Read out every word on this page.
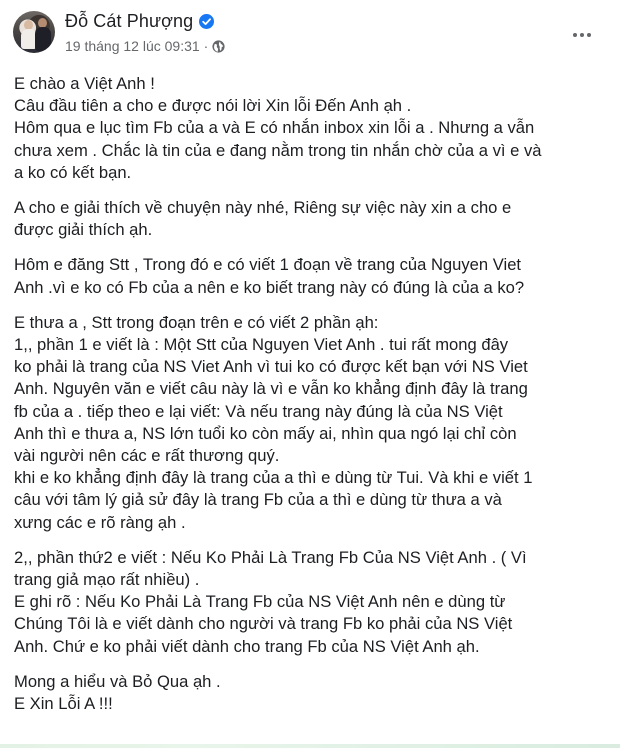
Đỗ Cát Phượng
19 tháng 12 lúc 09:31 ·
E chào a Việt Anh !
Câu đầu tiên a cho e được nói lời Xin lỗi Đến Anh ạh .
Hôm qua e lục tìm Fb của a và E có nhắn inbox xin lỗi a . Nhưng a vẫn
chưa xem . Chắc là tin của e đang nằm trong tin nhắn chờ của a vì e và
a ko có kết bạn.
A cho e giải thích về chuyện này nhé, Riêng sự việc này xin a cho e
được giải thích ạh.
Hôm e đăng Stt , Trong đó e có viết 1 đoạn về trang của Nguyen Viet
Anh .vì e ko có Fb của a nên e ko biết trang này có đúng là của a ko?
E thưa a , Stt trong đoạn trên e có viết 2 phần ạh:
1,, phần 1 e viết là : Một Stt của Nguyen Viet Anh . tui rất mong đây
ko phải là trang của NS Viet Anh vì tui ko có được kết bạn với NS Viet
Anh. Nguyên văn e viết câu này là vì e vẫn ko khẳng định đây là trang
fb của a . tiếp theo e lại viết: Và nếu trang này đúng là của NS Việt
Anh thì e thưa a, NS lớn tuổi ko còn mấy ai, nhìn qua ngó lại chỉ còn
vài người nên các e rất thương quý.
khi e ko khẳng định đây là trang của a thì e dùng từ Tui. Và khi e viết 1
câu với tâm lý giả sử đây là trang Fb của a thì e dùng từ thưa a và
xưng các e rõ ràng ạh .
2,, phần thứ2 e viết : Nếu Ko Phải Là Trang Fb Của NS Việt Anh . ( Vì
trang giả mạo rất nhiều) .
E ghi rõ : Nếu Ko Phải Là Trang Fb của NS Việt Anh nên e dùng từ
Chúng Tôi là e viết dành cho người và trang Fb ko phải của NS Việt
Anh. Chứ e ko phải viết dành cho trang Fb của NS Việt Anh ạh.
Mong a hiểu và Bỏ Qua ạh .
E Xin Lỗi A !!!
